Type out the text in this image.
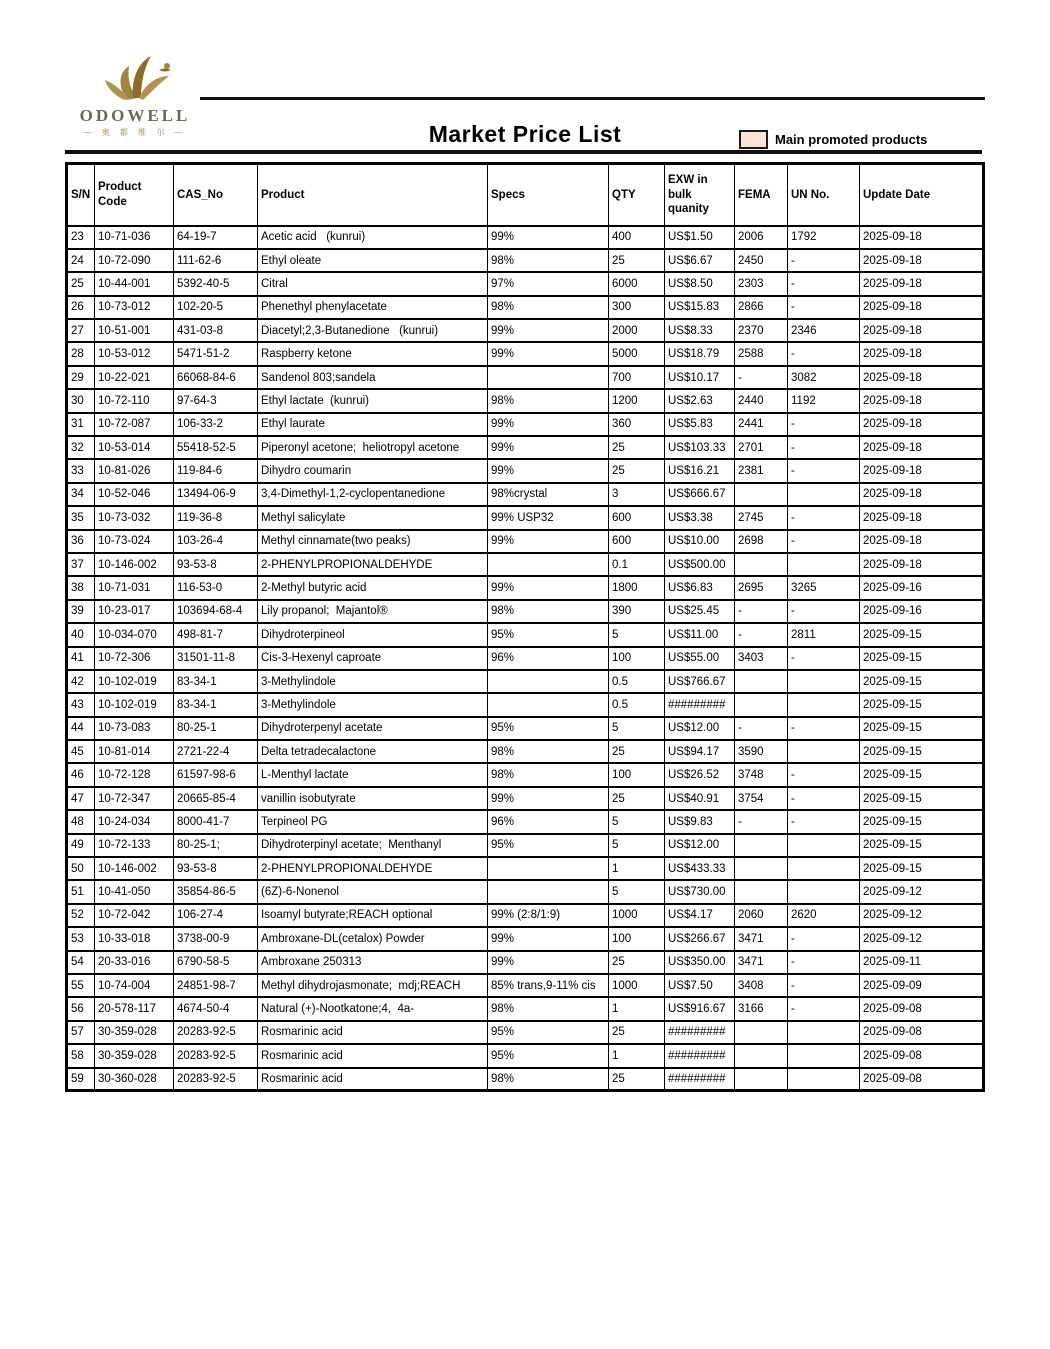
ODOWELL
— 奥 都 维 尔 —	Market Price List	Main promoted products
S/N	Product Code	CAS_No	Product	Specs	QTY	EXW in bulk quanity	FEMA	UN No.	Update Date
23	10-71-036	64-19-7	Acetic acid   (kunrui)	99%	400	US$1.50	2006	1792	2025-09-18
24	10-72-090	111-62-6	Ethyl oleate	98%	25	US$6.67	2450	-	2025-09-18
25	10-44-001	5392-40-5	Citral	97%	6000	US$8.50	2303	-	2025-09-18
26	10-73-012	102-20-5	Phenethyl phenylacetate	98%	300	US$15.83	2866	-	2025-09-18
27	10-51-001	431-03-8	Diacetyl;2,3-Butanedione   (kunrui)	99%	2000	US$8.33	2370	2346	2025-09-18
28	10-53-012	5471-51-2	Raspberry ketone	99%	5000	US$18.79	2588	-	2025-09-18
29	10-22-021	66068-84-6	Sandenol 803;sandela		700	US$10.17	-	3082	2025-09-18
30	10-72-110	97-64-3	Ethyl lactate  (kunrui)	98%	1200	US$2.63	2440	1192	2025-09-18
31	10-72-087	106-33-2	Ethyl laurate	99%	360	US$5.83	2441	-	2025-09-18
32	10-53-014	55418-52-5	Piperonyl acetone;  heliotropyl acetone	99%	25	US$103.33	2701	-	2025-09-18
33	10-81-026	119-84-6	Dihydro coumarin	99%	25	US$16.21	2381	-	2025-09-18
34	10-52-046	13494-06-9	3,4-Dimethyl-1,2-cyclopentanedione	98%crystal	3	US$666.67			2025-09-18
35	10-73-032	119-36-8	Methyl salicylate	99% USP32	600	US$3.38	2745	-	2025-09-18
36	10-73-024	103-26-4	Methyl cinnamate(two peaks)	99%	600	US$10.00	2698	-	2025-09-18
37	10-146-002	93-53-8	2-PHENYLPROPIONALDEHYDE		0.1	US$500.00			2025-09-18
38	10-71-031	116-53-0	2-Methyl butyric acid	99%	1800	US$6.83	2695	3265	2025-09-16
39	10-23-017	103694-68-4	Lily propanol;  Majantol®	98%	390	US$25.45	-	-	2025-09-16
40	10-034-070	498-81-7	Dihydroterpineol	95%	5	US$11.00	-	2811	2025-09-15
41	10-72-306	31501-11-8	Cis-3-Hexenyl caproate	96%	100	US$55.00	3403	-	2025-09-15
42	10-102-019	83-34-1	3-Methylindole		0.5	US$766.67			2025-09-15
43	10-102-019	83-34-1	3-Methylindole		0.5	#########			2025-09-15
44	10-73-083	80-25-1	Dihydroterpenyl acetate	95%	5	US$12.00	-	-	2025-09-15
45	10-81-014	2721-22-4	Delta tetradecalactone	98%	25	US$94.17	3590		2025-09-15
46	10-72-128	61597-98-6	L-Menthyl lactate	98%	100	US$26.52	3748	-	2025-09-15
47	10-72-347	20665-85-4	vanillin isobutyrate	99%	25	US$40.91	3754	-	2025-09-15
48	10-24-034	8000-41-7	Terpineol PG	96%	5	US$9.83	-	-	2025-09-15
49	10-72-133	80-25-1;	Dihydroterpinyl acetate;  Menthanyl	95%	5	US$12.00			2025-09-15
50	10-146-002	93-53-8	2-PHENYLPROPIONALDEHYDE		1	US$433.33			2025-09-15
51	10-41-050	35854-86-5	(6Z)-6-Nonenol		5	US$730.00			2025-09-12
52	10-72-042	106-27-4	Isoamyl butyrate;REACH optional	99% (2:8/1:9)	1000	US$4.17	2060	2620	2025-09-12
53	10-33-018	3738-00-9	Ambroxane-DL(cetalox) Powder	99%	100	US$266.67	3471	-	2025-09-12
54	20-33-016	6790-58-5	Ambroxane 250313	99%	25	US$350.00	3471	-	2025-09-11
55	10-74-004	24851-98-7	Methyl dihydrojasmonate;  mdj;REACH	85% trans,9-11% cis	1000	US$7.50	3408	-	2025-09-09
56	20-578-117	4674-50-4	Natural (+)-Nootkatone;4,  4a-	98%	1	US$916.67	3166	-	2025-09-08
57	30-359-028	20283-92-5	Rosmarinic acid	95%	25	#########			2025-09-08
58	30-359-028	20283-92-5	Rosmarinic acid	95%	1	#########			2025-09-08
59	30-360-028	20283-92-5	Rosmarinic acid	98%	25	#########			2025-09-08
